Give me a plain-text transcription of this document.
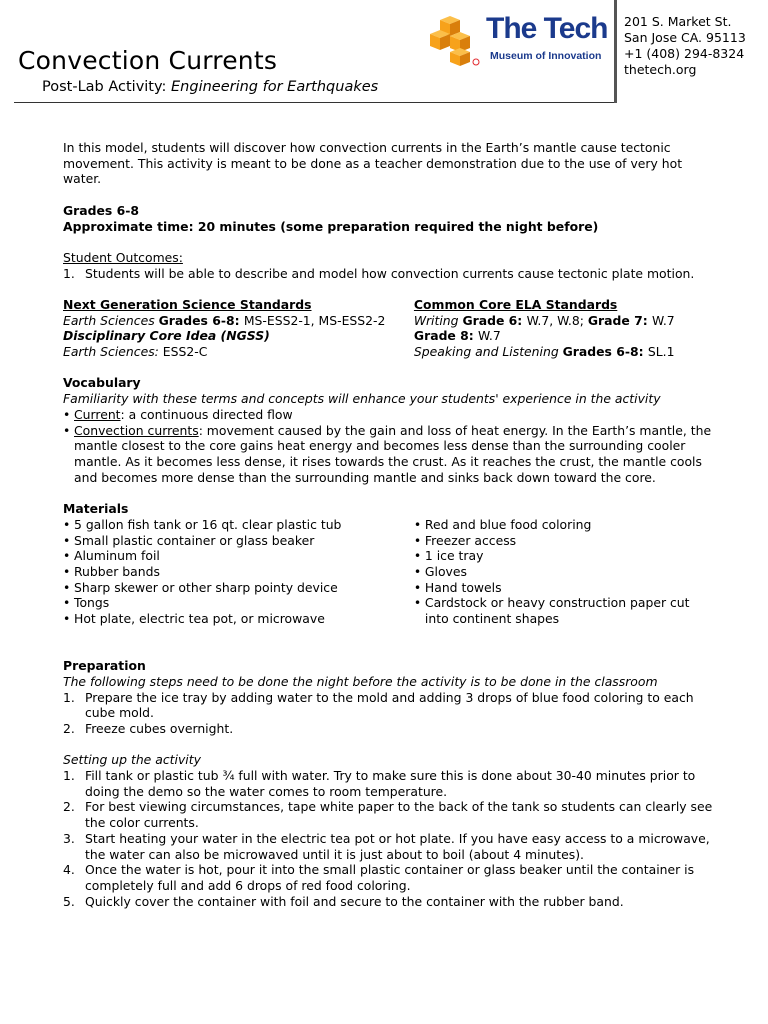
Convection Currents
Post-Lab Activity: Engineering for Earthquakes
The Tech
Museum of Innovation
201 S. Market St.
San Jose CA. 95113
+1 (408) 294-8324
thetech.org

In this model, students will discover how convection currents in the Earth’s mantle cause tectonic movement. This activity is meant to be done as a teacher demonstration due to the use of very hot water.

Grades 6-8

Approximate time: 20 minutes (some preparation required the night before)

Student Outcomes:

1. Students will be able to describe and model how convection currents cause tectonic plate motion.

Next Generation Science Standards

Earth Sciences Grades 6-8: MS-ESS2-1, MS-ESS2-2

Disciplinary Core Idea (NGSS)

Earth Sciences: ESS2-C

Common Core ELA Standards

Writing Grade 6: W.7, W.8; Grade 7: W.7

Grade 8: W.7

Speaking and Listening Grades 6-8: SL.1

Vocabulary

Familiarity with these terms and concepts will enhance your students' experience in the activity

• Current: a continuous directed flow
• Convection currents: movement caused by the gain and loss of heat energy. In the Earth’s mantle, the mantle closest to the core gains heat energy and becomes less dense than the surrounding cooler mantle. As it becomes less dense, it rises towards the crust. As it reaches the crust, the mantle cools and becomes more dense than the surrounding mantle and sinks back down toward the core.

Materials

• 5 gallon fish tank or 16 qt. clear plastic tub
• Small plastic container or glass beaker
• Aluminum foil
• Rubber bands
• Sharp skewer or other sharp pointy device
• Tongs
• Hot plate, electric tea pot, or microwave
• Red and blue food coloring
• Freezer access
• 1 ice tray
• Gloves
• Hand towels
• Cardstock or heavy construction paper cut into continent shapes

Preparation

The following steps need to be done the night before the activity is to be done in the classroom

1. Prepare the ice tray by adding water to the mold and adding 3 drops of blue food coloring to each cube mold.
2. Freeze cubes overnight.

Setting up the activity

1. Fill tank or plastic tub ¾ full with water. Try to make sure this is done about 30-40 minutes prior to doing the demo so the water comes to room temperature.
2. For best viewing circumstances, tape white paper to the back of the tank so students can clearly see the color currents.
3. Start heating your water in the electric tea pot or hot plate. If you have easy access to a microwave, the water can also be microwaved until it is just about to boil (about 4 minutes).
4. Once the water is hot, pour it into the small plastic container or glass beaker until the container is completely full and add 6 drops of red food coloring.
5. Quickly cover the container with foil and secure to the container with the rubber band.
